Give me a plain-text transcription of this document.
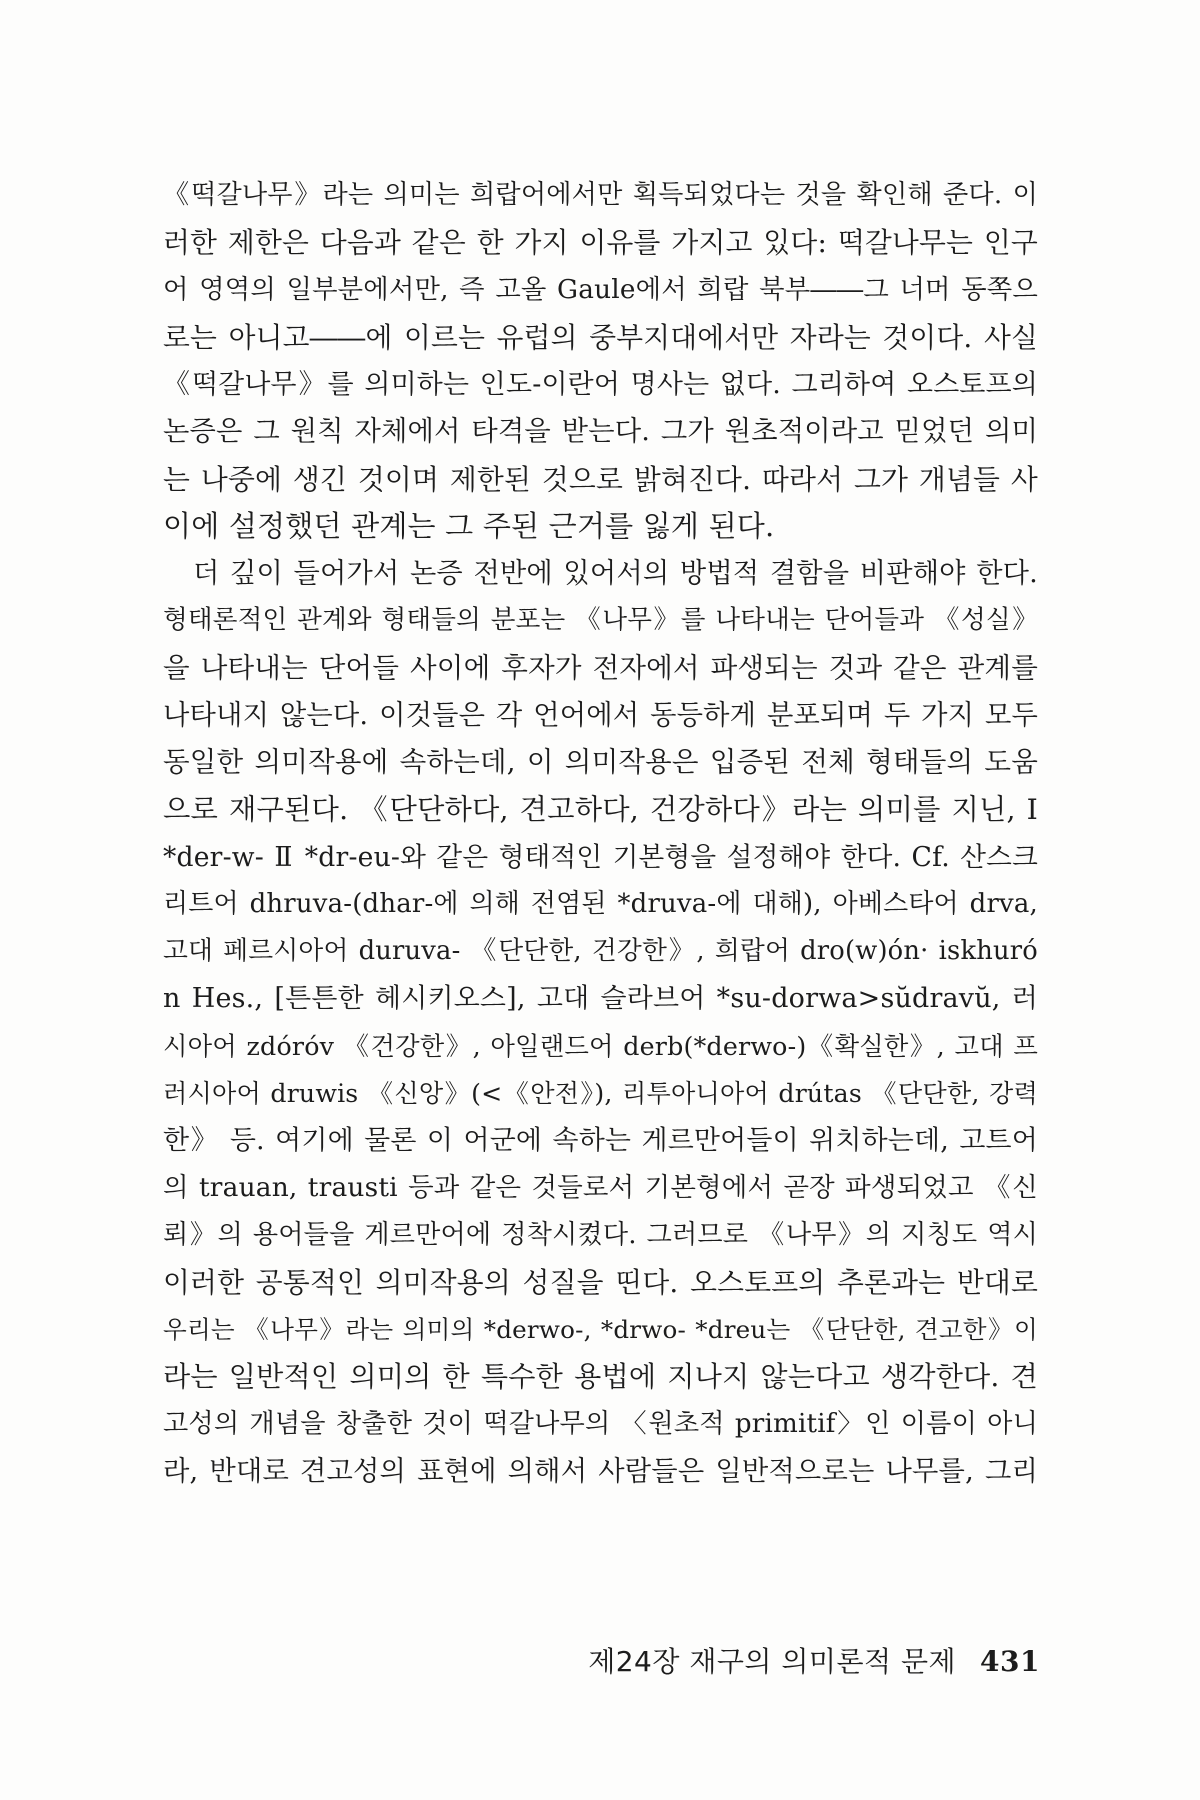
《떡갈나무》라는 의미는 희랍어에서만 획득되었다는 것을 확인해 준다. 이
러한 제한은 다음과 같은 한 가지 이유를 가지고 있다: 떡갈나무는 인구
어 영역의 일부분에서만, 즉 고올 Gaule에서 희랍 북부――그 너머 동쪽으
로는 아니고――에 이르는 유럽의 중부지대에서만 자라는 것이다. 사실
《떡갈나무》를 의미하는 인도-이란어 명사는 없다. 그리하여 오스토프의
논증은 그 원칙 자체에서 타격을 받는다. 그가 원초적이라고 믿었던 의미
는 나중에 생긴 것이며 제한된 것으로 밝혀진다. 따라서 그가 개념들 사
이에 설정했던 관계는 그 주된 근거를 잃게 된다.
더 깊이 들어가서 논증 전반에 있어서의 방법적 결함을 비판해야 한다.
형태론적인 관계와 형태들의 분포는 《나무》를 나타내는 단어들과 《성실》
을 나타내는 단어들 사이에 후자가 전자에서 파생되는 것과 같은 관계를
나타내지 않는다. 이것들은 각 언어에서 동등하게 분포되며 두 가지 모두
동일한 의미작용에 속하는데, 이 의미작용은 입증된 전체 형태들의 도움
으로 재구된다. 《단단하다, 견고하다, 건강하다》라는 의미를 지닌, Ⅰ
*der-w- Ⅱ *dr-eu-와 같은 형태적인 기본형을 설정해야 한다. Cf. 산스크
리트어 dhruva-(dhar-에 의해 전염된 *druva-에 대해), 아베스타어 drva,
고대 페르시아어 duruva- 《단단한, 건강한》, 희랍어 dro(w)ón· iskhuró
n Hes., [튼튼한 헤시키오스], 고대 슬라브어 *su-dorwa>sŭdravŭ, 러
시아어 zdórόv 《건강한》, 아일랜드어 derb(*derwo-)《확실한》, 고대 프
러시아어 druwis 《신앙》(<《안전》), 리투아니아어 drútas 《단단한, 강력
한》 등. 여기에 물론 이 어군에 속하는 게르만어들이 위치하는데, 고트어
의 trauan, trausti 등과 같은 것들로서 기본형에서 곧장 파생되었고 《신
뢰》의 용어들을 게르만어에 정착시켰다. 그러므로 《나무》의 지칭도 역시
이러한 공통적인 의미작용의 성질을 띤다. 오스토프의 추론과는 반대로
우리는 《나무》라는 의미의 *derwo-, *drwo- *dreu는 《단단한, 견고한》이
라는 일반적인 의미의 한 특수한 용법에 지나지 않는다고 생각한다. 견
고성의 개념을 창출한 것이 떡갈나무의 〈원초적 primitif〉인 이름이 아니
라, 반대로 견고성의 표현에 의해서 사람들은 일반적으로는 나무를, 그리
제24장 재구의 의미론적 문제 431
